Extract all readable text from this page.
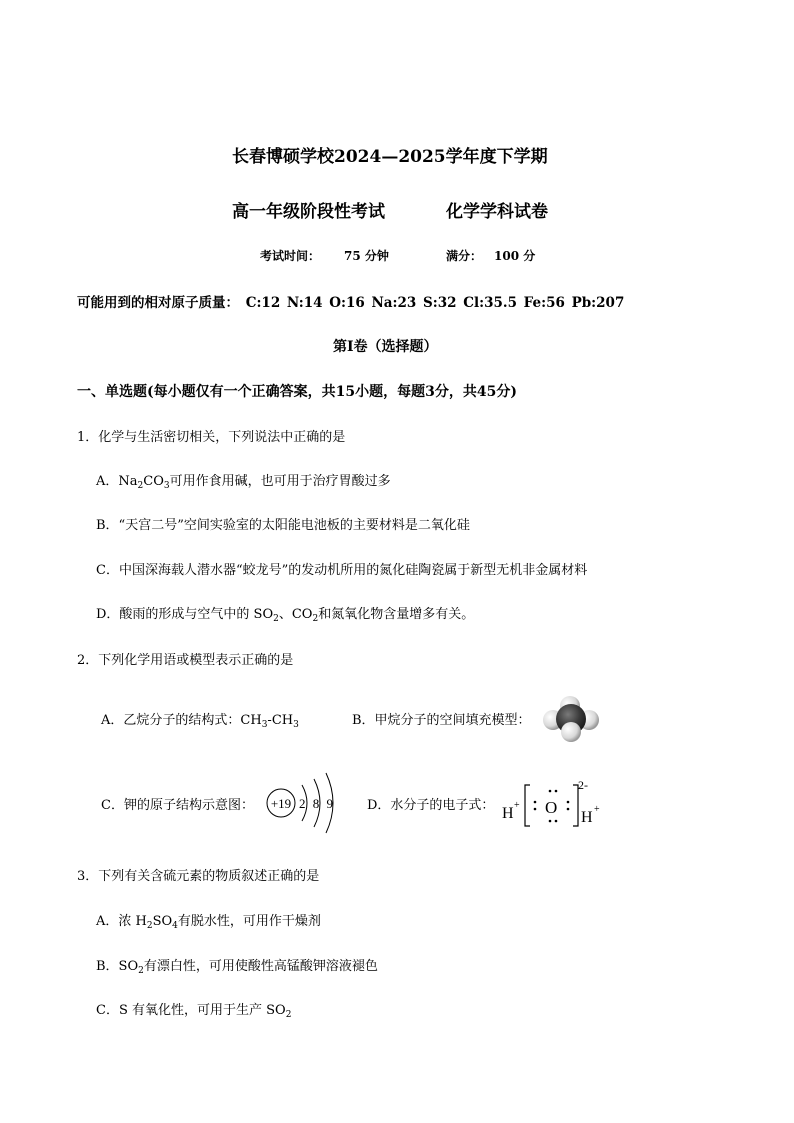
长春博硕学校2024—2025学年度下学期
高一年级阶段性考试	化学学科试卷
考试时间： 75 分钟	满分： 100 分
可能用到的相对原子质量： C:12 N:14 O:16 Na:23 S:32 Cl:35.5 Fe:56 Pb:207
第Ⅰ卷（选择题）
一、单选题(每小题仅有一个正确答案，共15小题，每题3分，共45分)
1．化学与生活密切相关，下列说法中正确的是
A．$Na_2CO_3$可用作食用碱，也可用于治疗胃酸过多
B．“天宫二号”空间实验室的太阳能电池板的主要材料是二氧化硅
C．中国深海载人潜水器“蛟龙号”的发动机所用的氮化硅陶瓷属于新型无机非金属材料
D．酸雨的形成与空气中的 $SO_2$、$CO_2$和氮氧化物含量增多有关。
2．下列化学用语或模型表示正确的是
A．乙烷分子的结构式：$CH_3-CH_3$	B．甲烷分子的空间填充模型：
C．钾的原子结构示意图： +19 2 8 9 D．水分子的电子式： H + O
2-
H +
3．下列有关含硫元素的物质叙述正确的是
A．浓 $H_2SO_4$有脱水性，可用作干燥剂
B．$SO_2$有漂白性，可用使酸性高锰酸钾溶液褪色
C．S 有氧化性，可用于生产 $SO_2$
